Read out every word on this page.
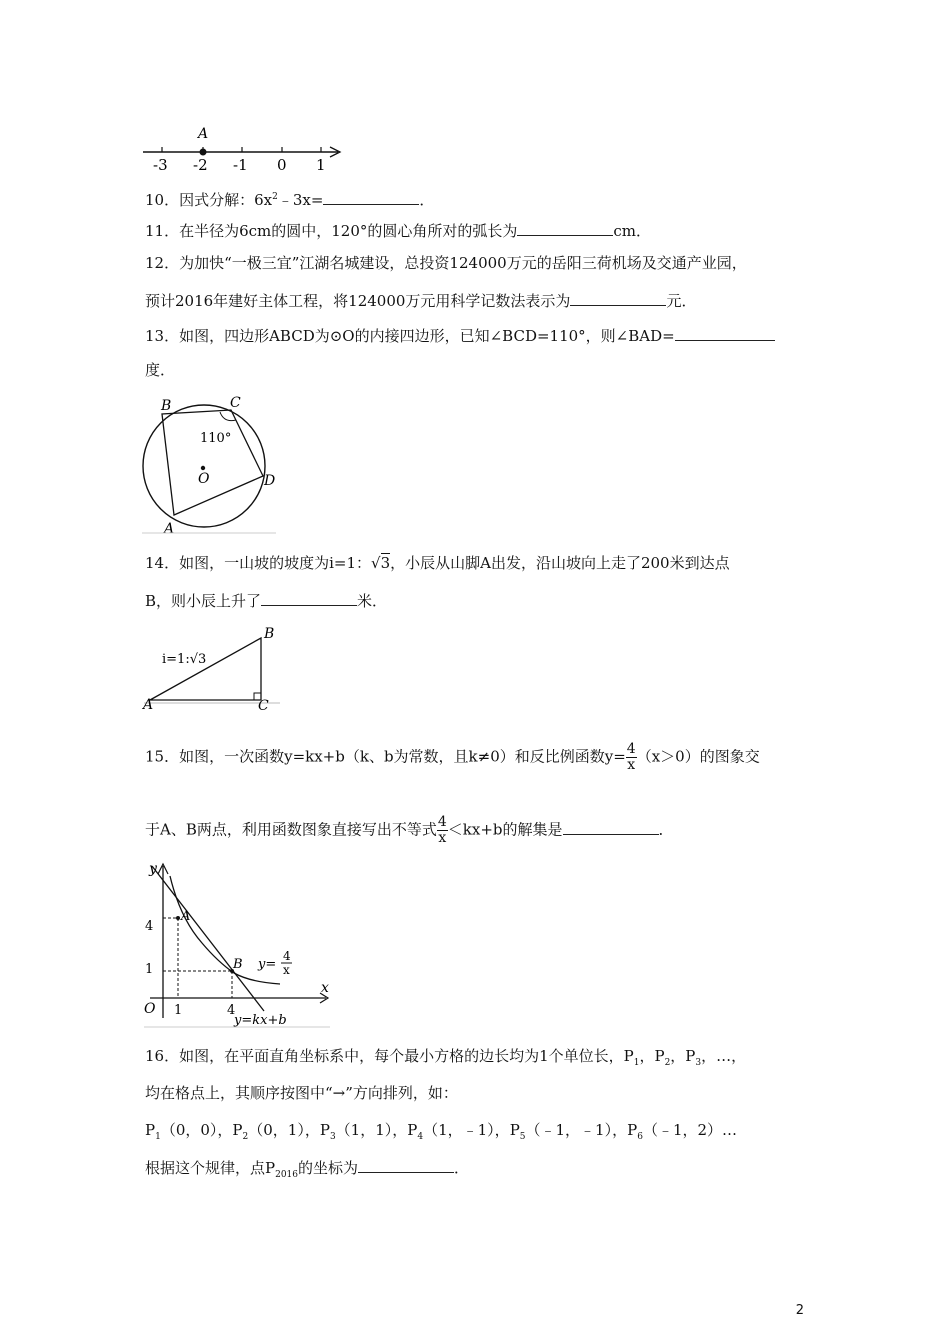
A
-3 -2 -1 0 1
10．因式分解：$6x^2﹣3x=$	．
11．在半径为6cm的圆中，120°的圆心角所对的弧长为	cm．
12．为加快“一极三宜”江湖名城建设，总投资124000万元的岳阳三荷机场及交通产业园，
预计2016年建好主体工程，将124000万元用科学记数法表示为	元．
13．如图，四边形ABCD为⊙O的内接四边形，已知∠BCD=110°，则∠BAD=
度．
B	C
D
A
O
110°
14．如图，一山坡的坡度为i=1：√3，小辰从山脚A出发，沿山坡向上走了200米到达点
B，则小辰上升了	米．
i=1:√3
A
B
C
15．如图，一次函数y=kx+b（k、b为常数，且k≠0）和反比例函数$y= \frac{4}{x} (x>0)$的图象交
于A、B两点，利用函数图象直接写出不等式 $\frac{4}{x} <kx+b$的解集是	．
y
x
O
A
B
4
1
1	4
y=
4
x
y=kx+b
16．如图，在平面直角坐标系中，每个最小方格的边长均为1个单位长，$P_1$，$P_2$，$P_3$，…，
均在格点上，其顺序按图中“→”方向排列，如：
$P_1(0$，0），$P_2(0$，1），$P_3(1$，1），$P_4(1$，﹣1），$P_5(﹣1$，﹣1），$P_6(﹣1$，2）…
根据这个规律，点$P_{2016}$的坐标为	．
2
